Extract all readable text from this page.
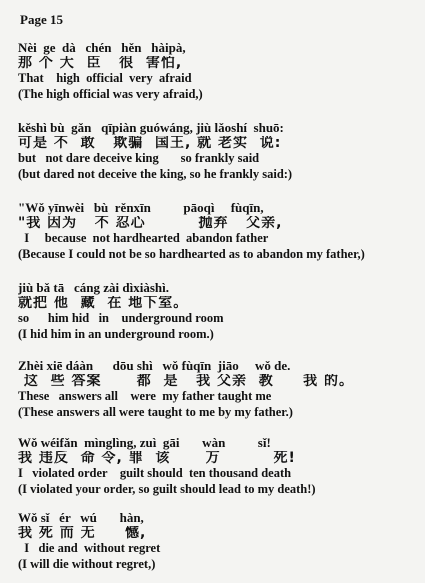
Page 15
Nèi  ge  dà   chén   hěn   hàipà,
那 个 大  臣   很  害怕,
That    high  official  very  afraid
(The high official was very afraid,)
kěshì bù  gǎn   qīpiàn guówáng, jiù lǎoshí  shuō:
可是 不  敢   欺骗  国王, 就 老实  说:
but   not dare deceive king       so frankly said
(but dared not deceive the king, so he frankly said:)
"Wǒ yīnwèi   bù  rěnxīn          pāoqì     fùqīn,
"我 因为   不 忍心         抛弃   父亲,
I     because  not hardhearted  abandon father
(Because I could not be so hardhearted as to abandon my father,)
jiù bǎ tā   cáng zài dìxiàshì.
就把 他  藏  在 地下室。
so      him hid   in    underground room
(I hid him in an underground room.)
Zhèi xiē dáàn      dōu shì   wǒ fùqīn  jiāo     wǒ de.
这  些 答案      都  是   我 父亲  教     我 的。
These   answers all    were  my father taught me
(These answers all were taught to me by my father.)
Wǒ wéifǎn  mìnglìng, zuì  gāi       wàn          sǐ!
我 违反  命 令, 罪  该      万         死!
I   violated order    guilt should  ten thousand death
(I violated your order, so guilt should lead to my death!)
Wǒ sǐ   ér   wú       hàn,
我 死 而 无     憾,
I   die and  without regret
(I will die without regret,)
